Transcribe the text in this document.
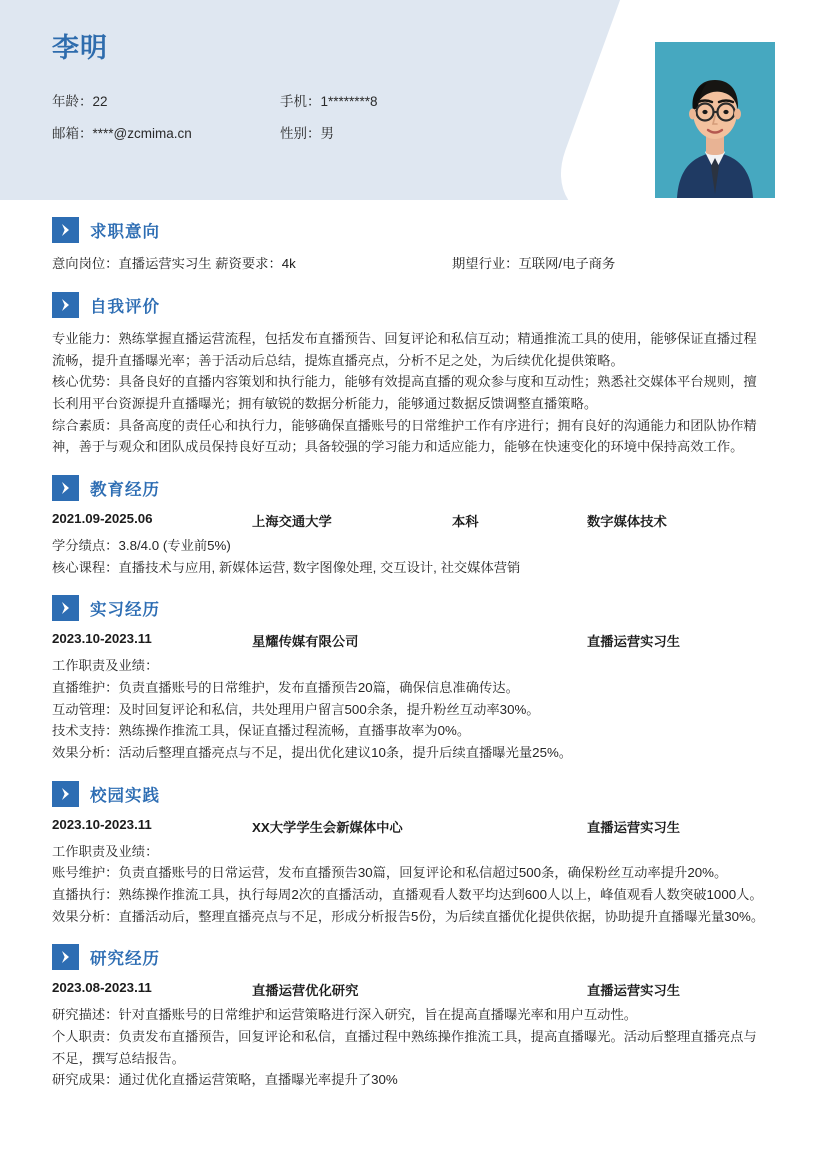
李明
年龄：22	手机：1********8
邮箱：****@zcmima.cn	性别：男
求职意向
意向岗位：直播运营实习生 薪资要求：4k	期望行业：互联网/电子商务
自我评价
专业能力：熟练掌握直播运营流程，包括发布直播预告、回复评论和私信互动；精通推流工具的使用，能够保证直播过程流畅，提升直播曝光率；善于活动后总结，提炼直播亮点，分析不足之处，为后续优化提供策略。
核心优势：具备良好的直播内容策划和执行能力，能够有效提高直播的观众参与度和互动性；熟悉社交媒体平台规则，擅长利用平台资源提升直播曝光；拥有敏锐的数据分析能力，能够通过数据反馈调整直播策略。
综合素质：具备高度的责任心和执行力，能够确保直播账号的日常维护工作有序进行；拥有良好的沟通能力和团队协作精神，善于与观众和团队成员保持良好互动；具备较强的学习能力和适应能力，能够在快速变化的环境中保持高效工作。
教育经历
2021.09-2025.06	上海交通大学	本科	数字媒体技术
学分绩点：3.8/4.0 (专业前5%)
核心课程：直播技术与应用, 新媒体运营, 数字图像处理, 交互设计, 社交媒体营销
实习经历
2023.10-2023.11	星耀传媒有限公司	直播运营实习生
工作职责及业绩：
直播维护：负责直播账号的日常维护，发布直播预告20篇，确保信息准确传达。
互动管理：及时回复评论和私信，共处理用户留言500余条，提升粉丝互动率30%。
技术支持：熟练操作推流工具，保证直播过程流畅，直播事故率为0%。
效果分析：活动后整理直播亮点与不足，提出优化建议10条，提升后续直播曝光量25%。
校园实践
2023.10-2023.11	XX大学学生会新媒体中心	直播运营实习生
工作职责及业绩：
账号维护：负责直播账号的日常运营，发布直播预告30篇，回复评论和私信超过500条，确保粉丝互动率提升20%。
直播执行：熟练操作推流工具，执行每周2次的直播活动，直播观看人数平均达到600人以上，峰值观看人数突破1000人。
效果分析：直播活动后，整理直播亮点与不足，形成分析报告5份，为后续直播优化提供依据，协助提升直播曝光量30%。
研究经历
2023.08-2023.11	直播运营优化研究	直播运营实习生
研究描述：针对直播账号的日常维护和运营策略进行深入研究，旨在提高直播曝光率和用户互动性。
个人职责：负责发布直播预告，回复评论和私信，直播过程中熟练操作推流工具，提高直播曝光。活动后整理直播亮点与不足，撰写总结报告。
研究成果：通过优化直播运营策略，直播曝光率提升了30%
